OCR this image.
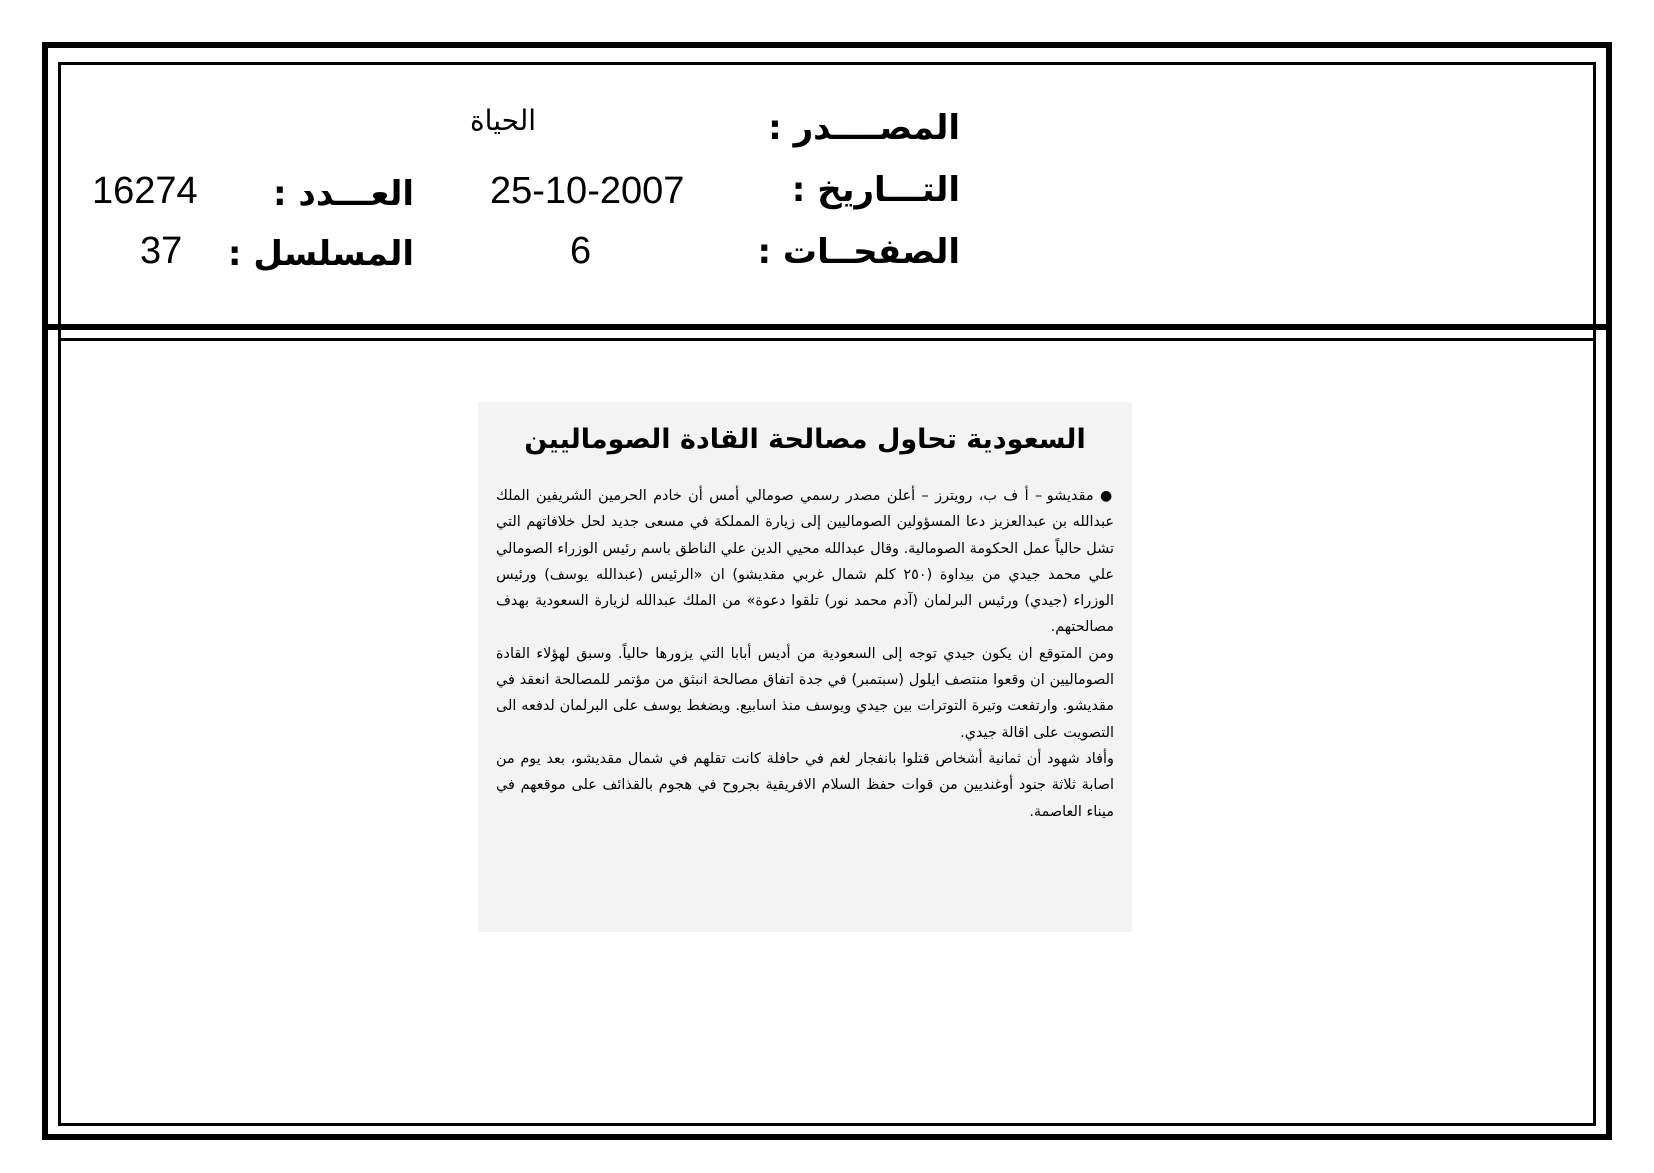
المصــــدر :
الحياة
التـــاريخ :
25-10-2007
العـــدد :
16274
الصفحــات :
6
المسلسل :
37
السعودية تحاول مصالحة القادة الصوماليين

● مقديشو – أ ف ب، رويترز – أعلن مصدر رسمي صومالي أمس أن خادم الحرمين الشريفين الملك عبدالله بن عبدالعزيز دعا المسؤولين الصوماليين إلى زيارة المملكة في مسعى جديد لحل خلافاتهم التي تشل حالياً عمل الحكومة الصومالية. وقال عبدالله محيي الدين علي الناطق باسم رئيس الوزراء الصومالي علي محمد جيدي من بيداوة (٢٥٠ كلم شمال غربي مقديشو) ان «الرئيس (عبدالله يوسف) ورئيس الوزراء (جيدي) ورئيس البرلمان (آدم محمد نور) تلقوا دعوة» من الملك عبدالله لزيارة السعودية بهدف مصالحتهم.

ومن المتوقع ان يكون جيدي توجه إلى السعودية من أديس أبابا التي يزورها حالياً. وسبق لهؤلاء القادة الصوماليين ان وقعوا منتصف ايلول (سبتمبر) في جدة اتفاق مصالحة انبثق من مؤتمر للمصالحة انعقد في مقديشو. وارتفعت وتيرة التوترات بين جيدي ويوسف منذ اسابيع. ويضغط يوسف على البرلمان لدفعه الى التصويت على اقالة جيدي.

وأفاد شهود أن ثمانية أشخاص قتلوا بانفجار لغم في حافلة كانت تقلهم في شمال مقديشو، بعد يوم من اصابة ثلاثة جنود أوغنديين من قوات حفظ السلام الافريقية بجروح في هجوم بالقذائف على موقعهم في ميناء العاصمة.
